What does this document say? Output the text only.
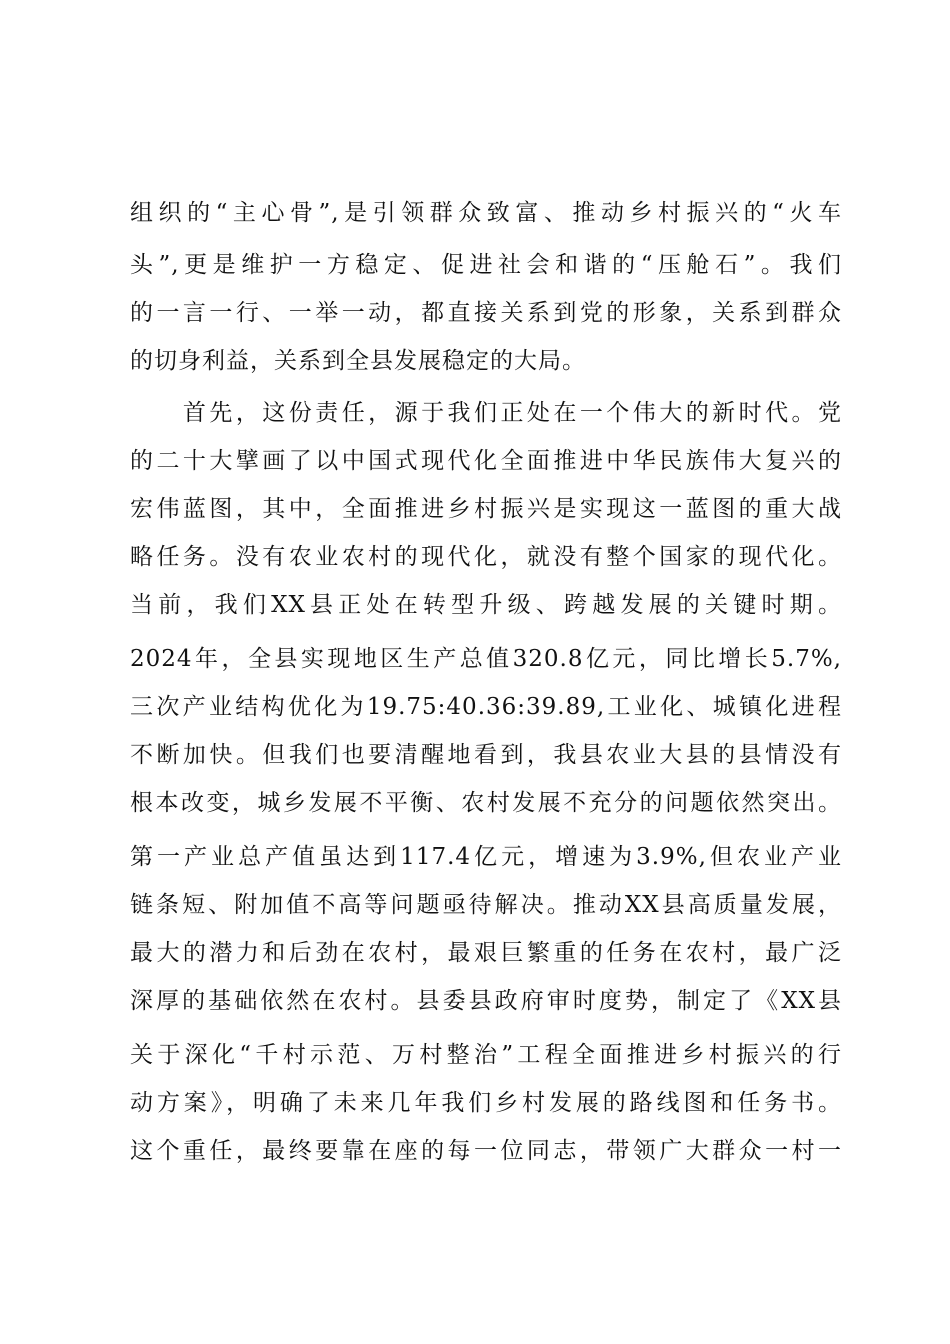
组织的“主心骨”,是引领群众致富、推动乡村振兴的“火车
头”,更是维护一方稳定、促进社会和谐的“压舱石”。我们
的一言一行、一举一动，都直接关系到党的形象，关系到群众
的切身利益，关系到全县发展稳定的大局。
　　首先，这份责任，源于我们正处在一个伟大的新时代。党
的二十大擘画了以中国式现代化全面推进中华民族伟大复兴的
宏伟蓝图，其中，全面推进乡村振兴是实现这一蓝图的重大战
略任务。没有农业农村的现代化，就没有整个国家的现代化。
当前，我们XX县正处在转型升级、跨越发展的关键时期。
2024年，全县实现地区生产总值320.8亿元，同比增长5.7%,
三次产业结构优化为19.75:40.36:39.89,工业化、城镇化进程
不断加快。但我们也要清醒地看到，我县农业大县的县情没有
根本改变，城乡发展不平衡、农村发展不充分的问题依然突出。
第一产业总产值虽达到117.4亿元，增速为3.9%,但农业产业
链条短、附加值不高等问题亟待解决。推动XX县高质量发展，
最大的潜力和后劲在农村，最艰巨繁重的任务在农村，最广泛
深厚的基础依然在农村。县委县政府审时度势，制定了《XX县
关于深化“千村示范、万村整治”工程全面推进乡村振兴的行
动方案》，明确了未来几年我们乡村发展的路线图和任务书。
这个重任，最终要靠在座的每一位同志，带领广大群众一村一
